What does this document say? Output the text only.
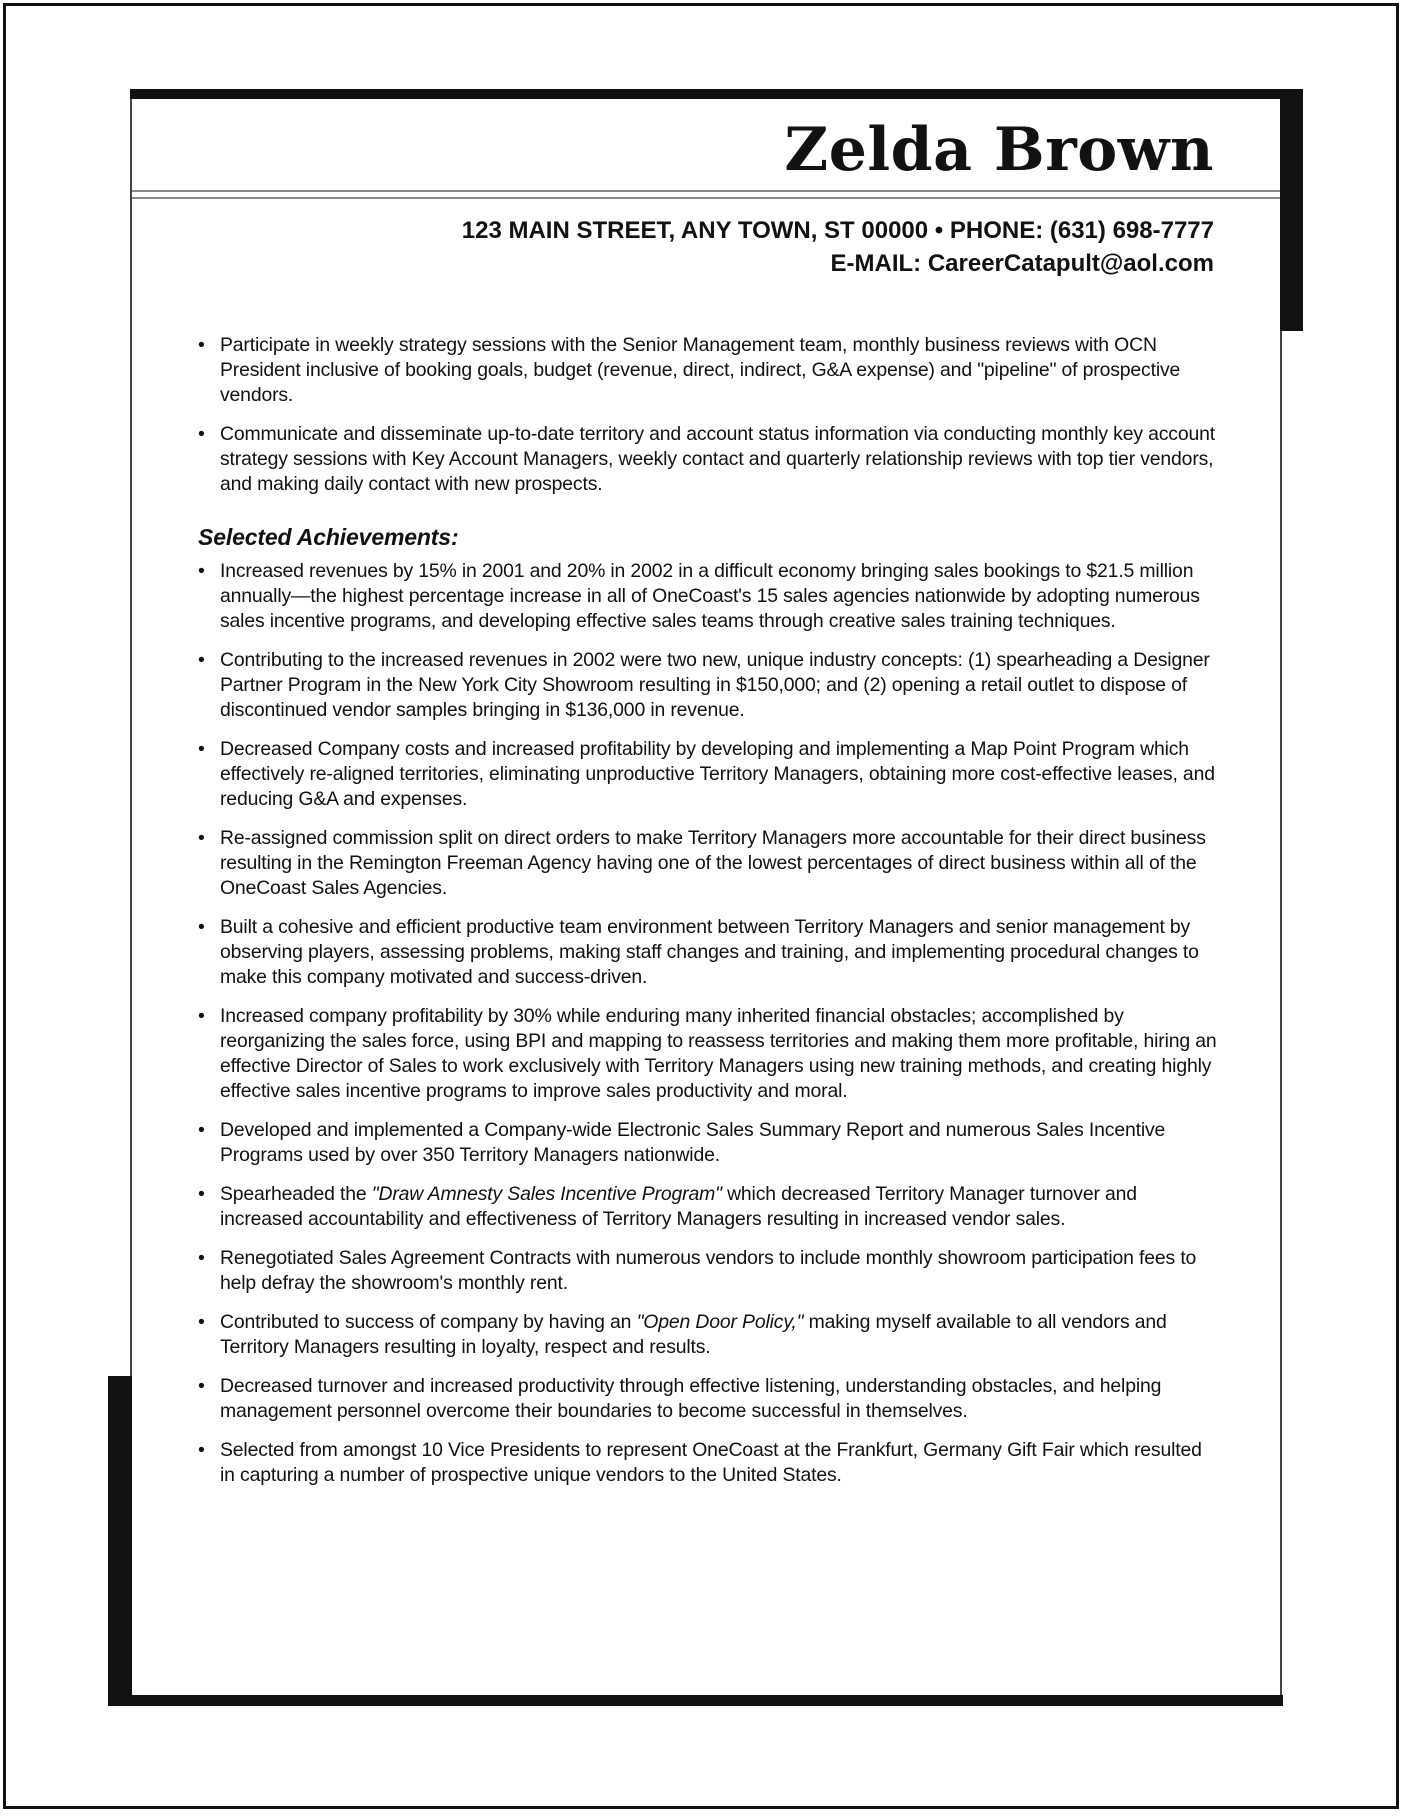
Zelda Brown
123 MAIN STREET, ANY TOWN, ST 00000 • PHONE: (631) 698-7777
E-MAIL: CareerCatapult@aol.com
• Participate in weekly strategy sessions with the Senior Management team, monthly business reviews with OCN President inclusive of booking goals, budget (revenue, direct, indirect, G&A expense) and "pipeline" of prospective vendors.
• Communicate and disseminate up-to-date territory and account status information via conducting monthly key account strategy sessions with Key Account Managers, weekly contact and quarterly relationship reviews with top tier vendors, and making daily contact with new prospects.
Selected Achievements:
• Increased revenues by 15% in 2001 and 20% in 2002 in a difficult economy bringing sales bookings to $21.5 million annually—the highest percentage increase in all of OneCoast's 15 sales agencies nationwide by adopting numerous sales incentive programs, and developing effective sales teams through creative sales training techniques.
• Contributing to the increased revenues in 2002 were two new, unique industry concepts: (1) spearheading a Designer Partner Program in the New York City Showroom resulting in $150,000; and (2) opening a retail outlet to dispose of discontinued vendor samples bringing in $136,000 in revenue.
• Decreased Company costs and increased profitability by developing and implementing a Map Point Program which effectively re-aligned territories, eliminating unproductive Territory Managers, obtaining more cost-effective leases, and reducing G&A and expenses.
• Re-assigned commission split on direct orders to make Territory Managers more accountable for their direct business resulting in the Remington Freeman Agency having one of the lowest percentages of direct business within all of the OneCoast Sales Agencies.
• Built a cohesive and efficient productive team environment between Territory Managers and senior management by observing players, assessing problems, making staff changes and training, and implementing procedural changes to make this company motivated and success-driven.
• Increased company profitability by 30% while enduring many inherited financial obstacles; accomplished by reorganizing the sales force, using BPI and mapping to reassess territories and making them more profitable, hiring an effective Director of Sales to work exclusively with Territory Managers using new training methods, and creating highly effective sales incentive programs to improve sales productivity and moral.
• Developed and implemented a Company-wide Electronic Sales Summary Report and numerous Sales Incentive Programs used by over 350 Territory Managers nationwide.
• Spearheaded the "Draw Amnesty Sales Incentive Program" which decreased Territory Manager turnover and increased accountability and effectiveness of Territory Managers resulting in increased vendor sales.
• Renegotiated Sales Agreement Contracts with numerous vendors to include monthly showroom participation fees to help defray the showroom's monthly rent.
• Contributed to success of company by having an "Open Door Policy," making myself available to all vendors and Territory Managers resulting in loyalty, respect and results.
• Decreased turnover and increased productivity through effective listening, understanding obstacles, and helping management personnel overcome their boundaries to become successful in themselves.
• Selected from amongst 10 Vice Presidents to represent OneCoast at the Frankfurt, Germany Gift Fair which resulted in capturing a number of prospective unique vendors to the United States.
